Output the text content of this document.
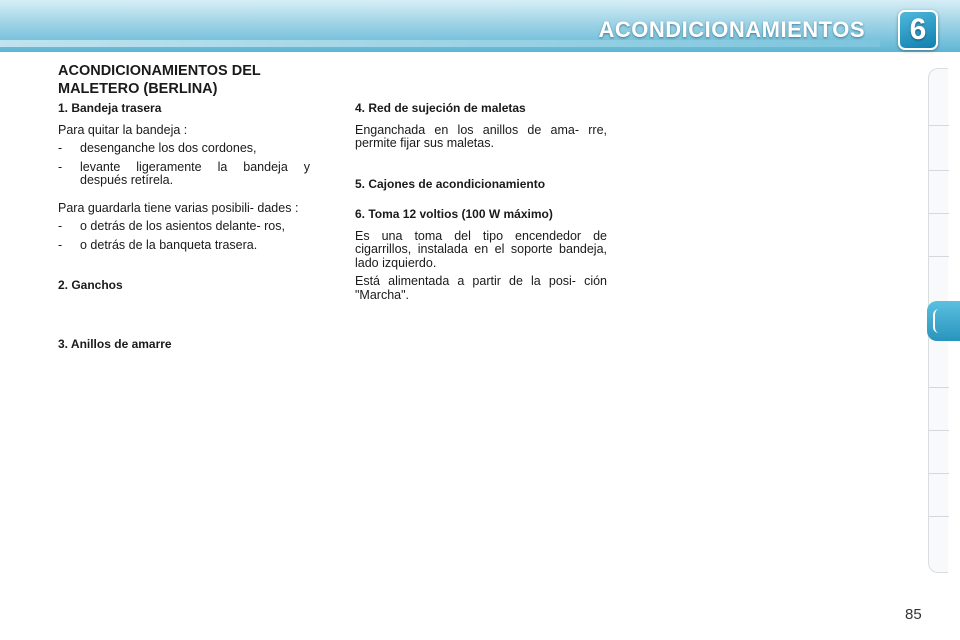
ACONDICIONAMIENTOS 6
ACONDICIONAMIENTOS DEL MALETERO (BERLINA)
1. Bandeja trasera
Para quitar la bandeja :
- desenganche los dos cordones,
- levante ligeramente la bandeja y después retírela.
Para guardarla tiene varias posibili- dades :
- o detrás de los asientos delante- ros,
- o detrás de la banqueta trasera.
2. Ganchos
3. Anillos de amarre
4. Red de sujeción de maletas
Enganchada en los anillos de ama- rre, permite fijar sus maletas.
5. Cajones de acondicionamiento
6. Toma 12 voltios (100 W máximo)
Es una toma del tipo encendedor de cigarrillos, instalada en el soporte bandeja, lado izquierdo.
Está alimentada a partir de la posi- ción "Marcha".
85
